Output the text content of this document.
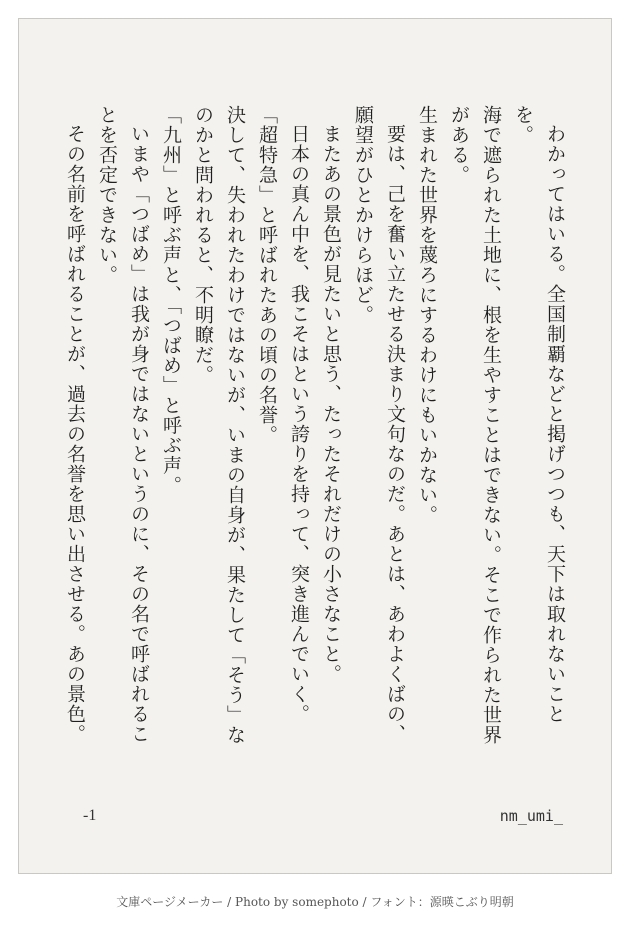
わかってはいる。全国制覇などと掲げつつも、天下は取れないことを。

海で遮られた土地に、根を生やすことはできない。そこで作られた世界がある。

生まれた世界を蔑ろにするわけにもいかない。

要は、己を奮い立たせる決まり文句なのだ。あとは、あわよくばの、願望がひとかけらほど。

またあの景色が見たいと思う、たったそれだけの小さなこと。

日本の真ん中を、我こそはという誇りを持って、突き進んでいく。

「超特急」と呼ばれたあの頃の名誉。

決して、失われたわけではないが、いまの自身が、果たして「そう」なのかと問われると、不明瞭だ。

「九州」と呼ぶ声と、「つばめ」と呼ぶ声。

いまや「つばめ」は我が身ではないというのに、その名で呼ばれることを否定できない。

その名前を呼ばれることが、過去の名誉を思い出させる。あの景色。

-1	nm_umi_
文庫ページメーカー / Photo by somephoto / フォント：源暎こぶり明朝
